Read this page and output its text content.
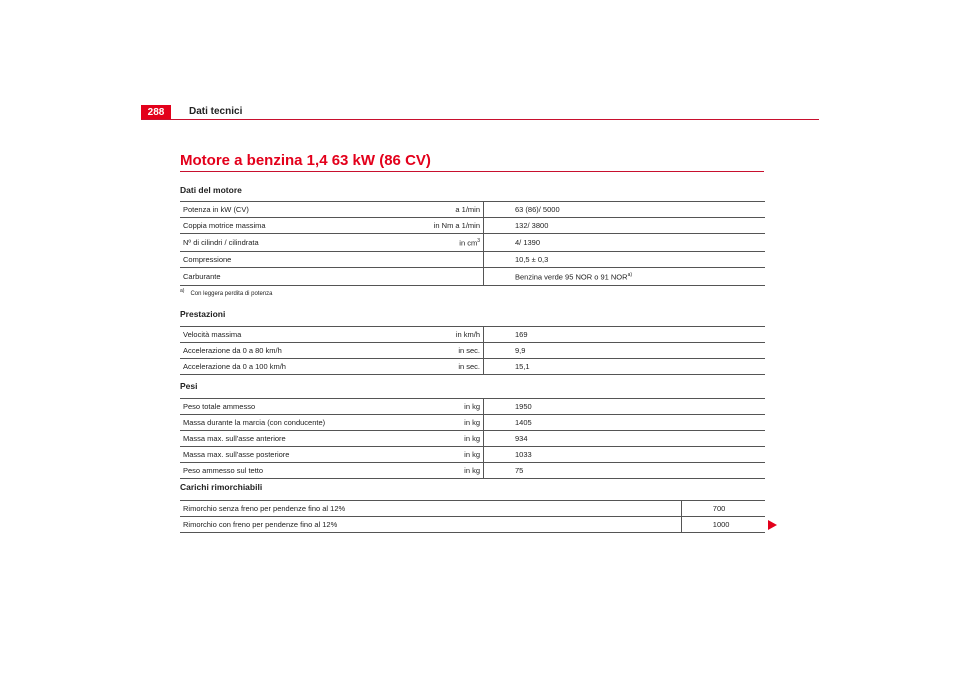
288	Dati tecnici
Motore a benzina 1,4 63 kW (86 CV)
Dati del motore
Potenza in kW (CV)	a 1/min	63 (86)/ 5000
Coppia motrice massima	in Nm a 1/min	132/ 3800
Nº di cilindri / cilindrata	in $cm^3$	4/ 1390
Compressione		10,5 ± 0,3
Carburante		Benzina verde 95 NOR o 91 NOR$^{a)}$
$^{a)}$ Con leggera perdita di potenza
Prestazioni
Velocità massima	in km/h	169
Accelerazione da 0 a 80 km/h	in sec.	9,9
Accelerazione da 0 a 100 km/h	in sec.	15,1
Pesi
Peso totale ammesso	in kg	1950
Massa durante la marcia (con conducente)	in kg	1405
Massa max. sull'asse anteriore	in kg	934
Massa max. sull'asse posteriore	in kg	1033
Peso ammesso sul tetto	in kg	75
Carichi rimorchiabili
Rimorchio senza freno per pendenze fino al 12%	700
Rimorchio con freno per pendenze fino al 12%	1000
